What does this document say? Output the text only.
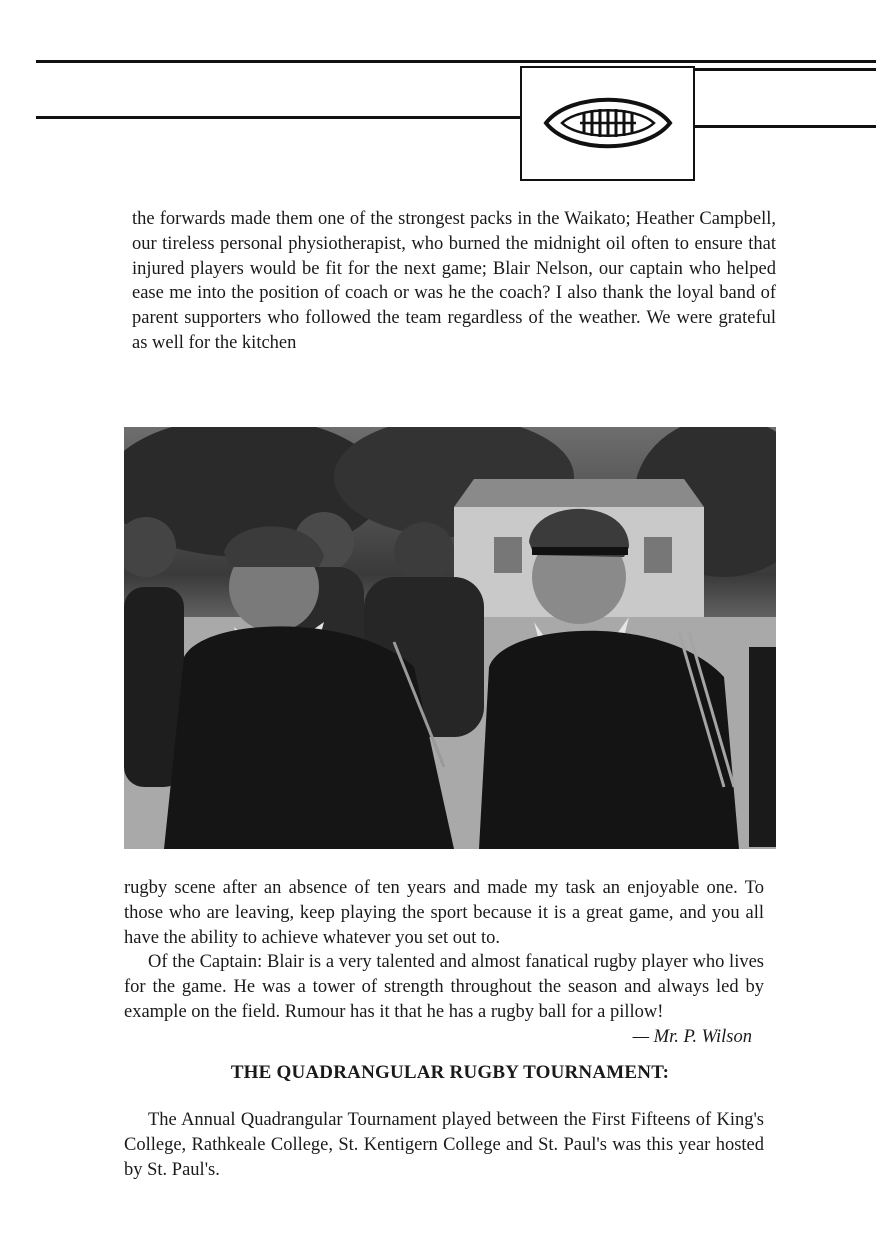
the forwards made them one of the strongest packs in the Waikato; Heather Campbell, our tireless personal physiotherapist, who burned the midnight oil often to ensure that injured players would be fit for the next game; Blair Nelson, our captain who helped ease me into the position of coach or was he the coach? I also thank the loyal band of parent supporters who followed the team regardless of the weather. We were grateful as well for the kitchen

rugby scene after an absence of ten years and made my task an enjoyable one. To those who are leaving, keep playing the sport because it is a great game, and you all have the ability to achieve whatever you set out to.

Of the Captain: Blair is a very talented and almost fanatical rugby player who lives for the game. He was a tower of strength throughout the season and always led by example on the field. Rumour has it that he has a rugby ball for a pillow!

— Mr. P. Wilson

THE QUADRANGULAR RUGBY TOURNAMENT:

The Annual Quadrangular Tournament played between the First Fifteens of King's College, Rathkeale College, St. Kentigern College and St. Paul's was this year hosted by St. Paul's.
